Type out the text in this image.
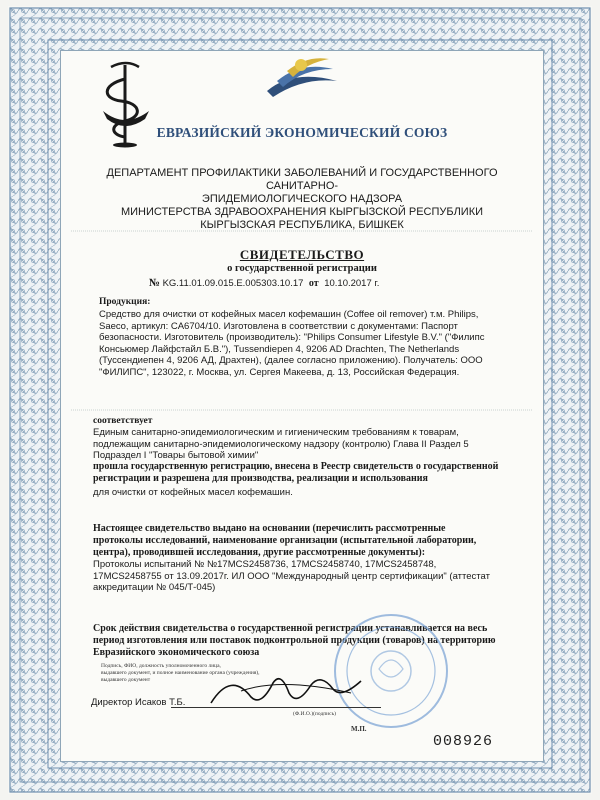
ЕВРАЗИЙСКИЙ ЭКОНОМИЧЕСКИЙ СОЮЗ
ДЕПАРТАМЕНТ ПРОФИЛАКТИКИ ЗАБОЛЕВАНИЙ И ГОСУДАРСТВЕННОГО САНИТАРНО-
ЭПИДЕМИОЛОГИЧЕСКОГО НАДЗОРА
МИНИСТЕРСТВА ЗДРАВООХРАНЕНИЯ КЫРГЫЗСКОЙ РЕСПУБЛИКИ
КЫРГЫЗСКАЯ РЕСПУБЛИКА, БИШКЕК
СВИДЕТЕЛЬСТВО
о государственной регистрации
№ KG.11.01.09.015.E.005303.10.17 от 10.10.2017 г.
Продукция:
Средство для очистки от кофейных масел кофемашин (Coffee oil remover) т.м. Philips,
Saeco, артикул: CA6704/10. Изготовлена в соответствии с документами: Паспорт
безопасности. Изготовитель (производитель): "Philips Consumer Lifestyle B.V." ("Филипс
Консьюмер Лайфстайл Б.В."), Tussendiepen 4, 9206 AD Drachten, The Netherlands
(Туссендиепен 4, 9206 АД, Драхтен), (далее согласно приложению). Получатель: ООО
"ФИЛИПС", 123022, г. Москва, ул. Сергея Макеева, д. 13, Российская Федерация.
соответствует
Единым санитарно-эпидемиологическим и гигиеническим требованиям к товарам,
подлежащим санитарно-эпидемиологическому надзору (контролю) Глава II Раздел 5
Подраздел I "Товары бытовой химии"
прошла государственную регистрацию, внесена в Реестр свидетельств о государственной
регистрации и разрешена для производства, реализации и использования
для очистки от кофейных масел кофемашин.
Настоящее свидетельство выдано на основании (перечислить рассмотренные
протоколы исследований, наименование организации (испытательной лаборатории,
центра), проводившей исследования, другие рассмотренные документы):
Протоколы испытаний № №17MCS2458736, 17MCS2458740, 17MCS2458748,
17MCS2458755 от 13.09.2017г. ИЛ ООО "Международный центр сертификации" (аттестат
аккредитации № 045/Т-045)
Срок действия свидетельства о государственной регистрации устанавливается на весь
период изготовления или поставок подконтрольной продукции (товаров) на территорию
Евразийского экономического союза
Подпись, ФИО, должность уполномоченного лица,
выдавшего документ, и полное наименование органа (учреждения),
выдавшего документ
Директор Исаков Т.Б.
(Ф.И.О.)(подпись)
М.П.
008926
